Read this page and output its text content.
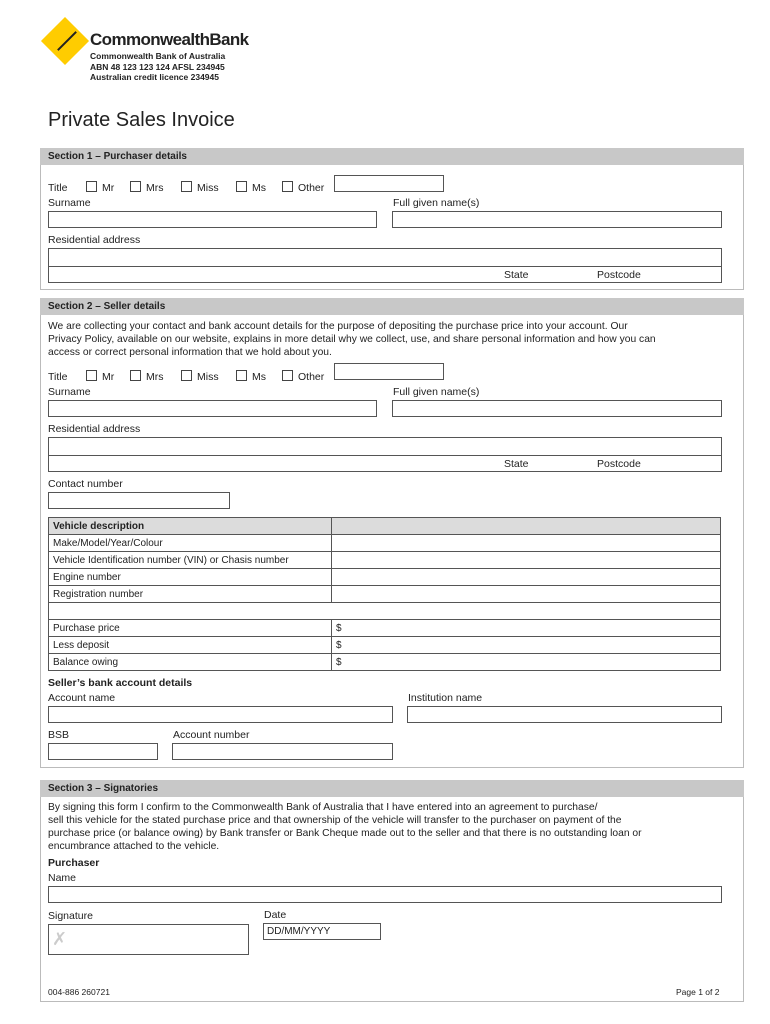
CommonwealthBank
Commonwealth Bank of Australia
ABN 48 123 123 124 AFSL 234945
Australian credit licence 234945
Private Sales Invoice
Section 1 – Purchaser details
Title	Mr	Mrs	Miss	Ms	Other
Surname	Full given name(s)
Residential address
State	Postcode
Section 2 – Seller details
We are collecting your contact and bank account details for the purpose of depositing the purchase price into your account. Our
Privacy Policy, available on our website, explains in more detail why we collect, use, and share personal information and how you can
access or correct personal information that we hold about you.
Title	Mr	Mrs	Miss	Ms	Other
Surname	Full given name(s)
Residential address
State	Postcode
Contact number
Vehicle description	
Make/Model/Year/Colour	
Vehicle Identification number (VIN) or Chasis number	
Engine number	
Registration number	

Purchase price	$
Less deposit	$
Balance owing	$
Seller’s bank account details
Account name	Institution name
BSB	Account number
Section 3 – Signatories
By signing this form I confirm to the Commonwealth Bank of Australia that I have entered into an agreement to purchase/
sell this vehicle for the stated purchase price and that ownership of the vehicle will transfer to the purchaser on payment of the
purchase price (or balance owing) by Bank transfer or Bank Cheque made out to the seller and that there is no outstanding loan or
encumbrance attached to the vehicle.
Purchaser
Name
Signature	Date
✗	DD/MM/YYYY
004-886 260721	Page 1 of 2
